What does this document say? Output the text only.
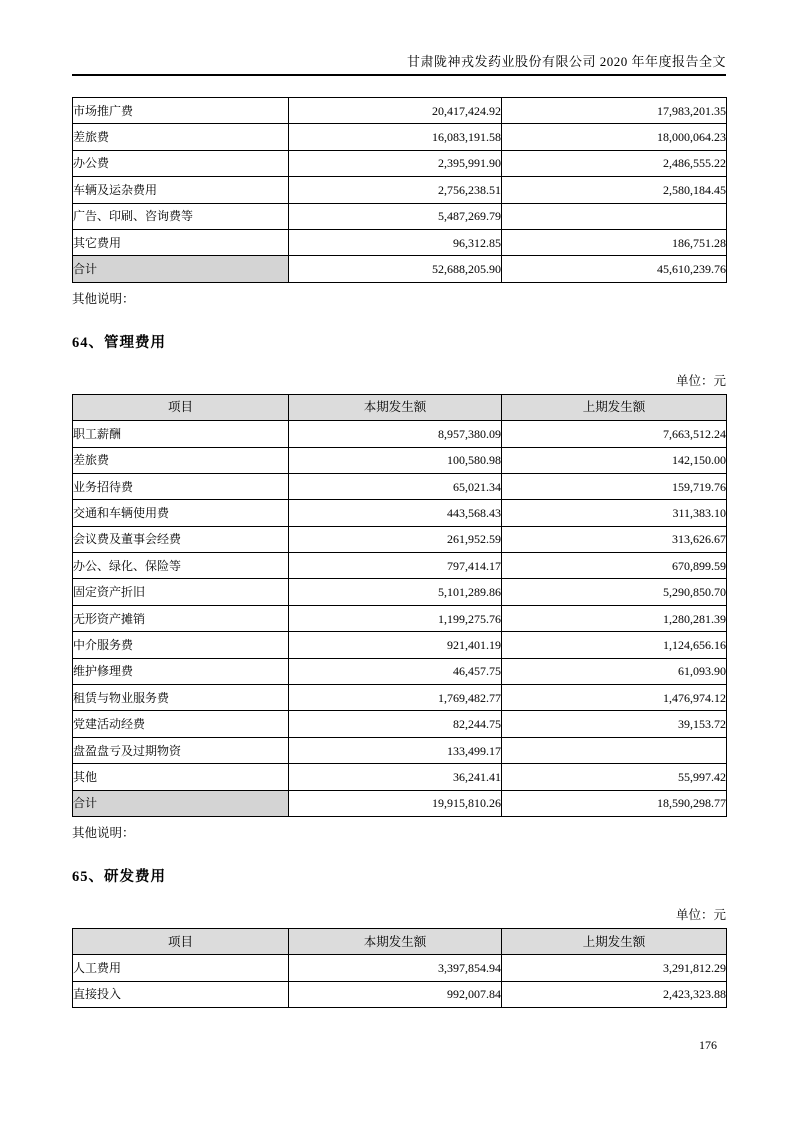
甘肃陇神戎发药业股份有限公司 2020 年年度报告全文
市场推广费	20,417,424.92	17,983,201.35
差旅费	16,083,191.58	18,000,064.23
办公费	2,395,991.90	2,486,555.22
车辆及运杂费用	2,756,238.51	2,580,184.45
广告、印刷、咨询费等	5,487,269.79	
其它费用	96,312.85	186,751.28
合计	52,688,205.90	45,610,239.76
其他说明：
64、管理费用
单位：元
项目	本期发生额	上期发生额
职工薪酬	8,957,380.09	7,663,512.24
差旅费	100,580.98	142,150.00
业务招待费	65,021.34	159,719.76
交通和车辆使用费	443,568.43	311,383.10
会议费及董事会经费	261,952.59	313,626.67
办公、绿化、保险等	797,414.17	670,899.59
固定资产折旧	5,101,289.86	5,290,850.70
无形资产摊销	1,199,275.76	1,280,281.39
中介服务费	921,401.19	1,124,656.16
维护修理费	46,457.75	61,093.90
租赁与物业服务费	1,769,482.77	1,476,974.12
党建活动经费	82,244.75	39,153.72
盘盈盘亏及过期物资	133,499.17	
其他	36,241.41	55,997.42
合计	19,915,810.26	18,590,298.77
其他说明：
65、研发费用
单位：元
项目	本期发生额	上期发生额
人工费用	3,397,854.94	3,291,812.29
直接投入	992,007.84	2,423,323.88
176
